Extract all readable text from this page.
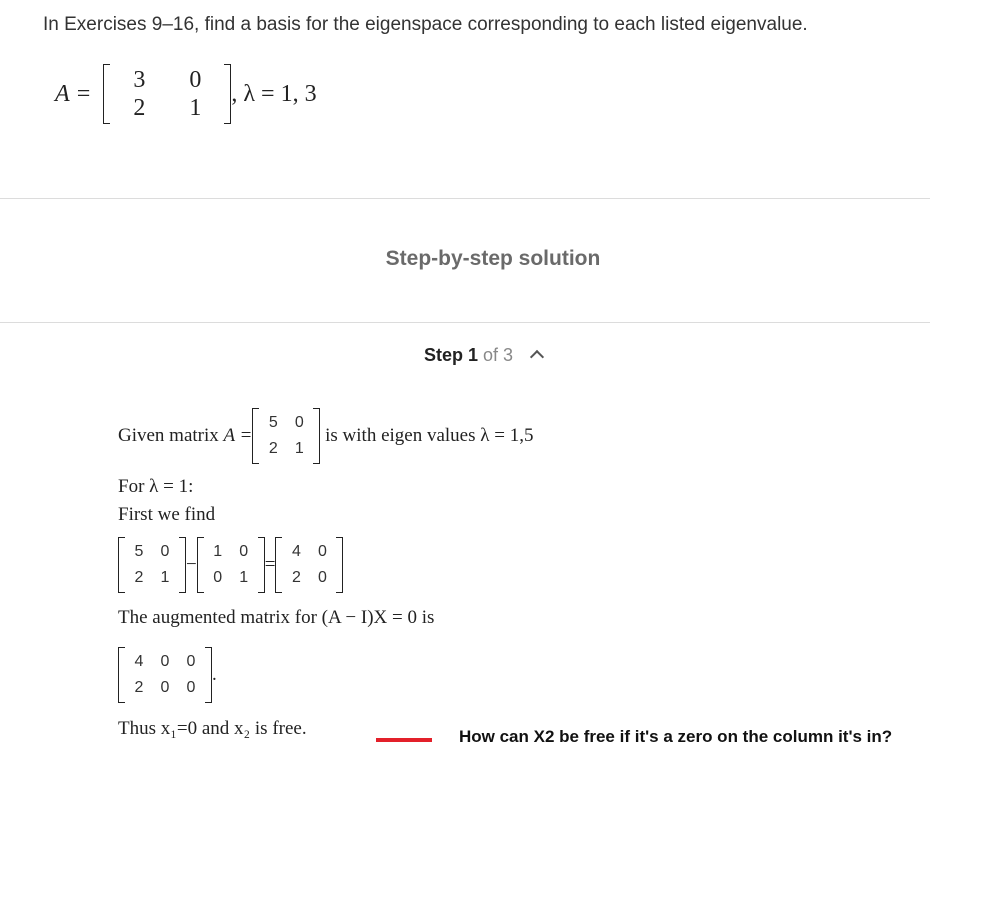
In Exercises 9–16, find a basis for the eigenspace corresponding to each listed eigenvalue.
A =

3	0
2	1
, λ = 1, 3
Step-by-step solution
Step 1 of 3
Given matrix A =
5	0
2	1
is with eigen values λ = 1,5
For λ = 1:
First we find
5	0
2	1
−
1	0
0	1
=
4	0
2	0
The augmented matrix for (A − I)X = 0 is
4	0	0
2	0	0
.
Thus x₁=0 and x₂ is free.	How can X2 be free if it's a zero on the column it's in?
